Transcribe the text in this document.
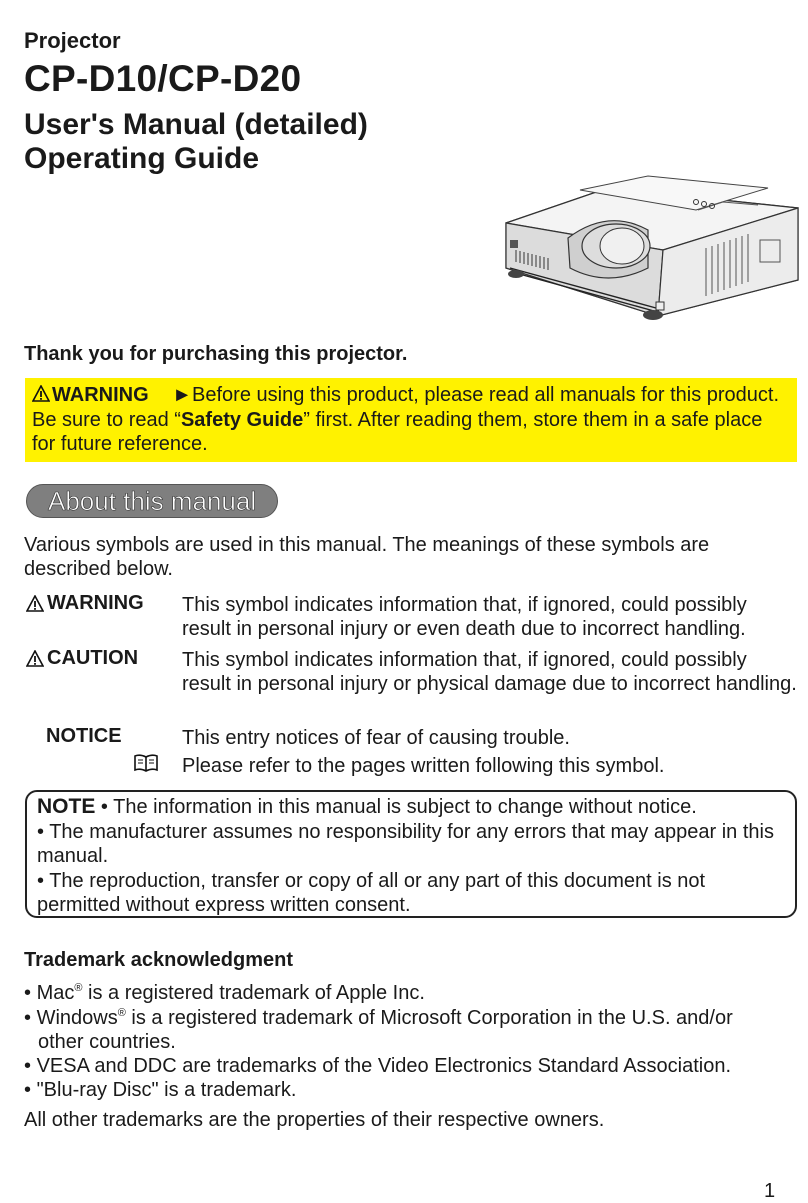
Projector
CP-D10/CP-D20
User's Manual (detailed)
Operating Guide
Thank you for purchasing this projector.
WARNING ►Before using this product, please read all manuals for this product. Be sure to read “Safety Guide” first. After reading them, store them in a safe place for future reference.
About this manual
Various symbols are used in this manual. The meanings of these symbols are described below.
WARNING This symbol indicates information that, if ignored, could possibly result in personal injury or even death due to incorrect handling.
CAUTION This symbol indicates information that, if ignored, could possibly result in personal injury or physical damage due to incorrect handling.
NOTICE	This entry notices of fear of causing trouble.
Please refer to the pages written following this symbol.
NOTE • The information in this manual is subject to change without notice.
• The manufacturer assumes no responsibility for any errors that may appear in this manual.
• The reproduction, transfer or copy of all or any part of this document is not permitted without express written consent.
Trademark acknowledgment
• Mac® is a registered trademark of Apple Inc.
• Windows® is a registered trademark of Microsoft Corporation in the U.S. and/or
other countries.
• VESA and DDC are trademarks of the Video Electronics Standard Association.
• "Blu-ray Disc" is a trademark.
All other trademarks are the properties of their respective owners.
1
